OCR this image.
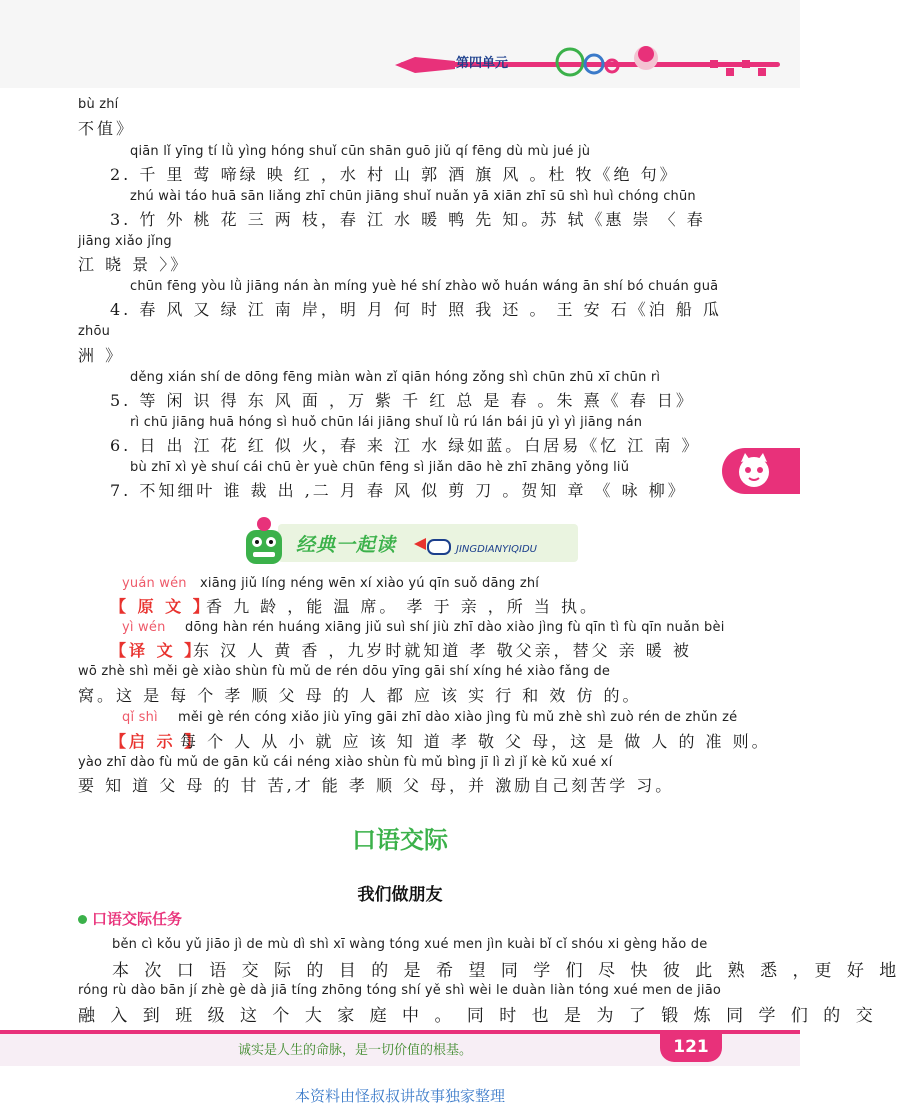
第四单元
bù zhí
不值》
qiān lǐ yīng tí lǜ yìng hóng shuǐ cūn shān guō jiǔ qí fēng dù mù jué jù
2. 千 里 莺 啼绿 映 红 ，水 村 山 郭 酒 旗 风 。杜 牧《绝 句》
zhú wài táo huā sān liǎng zhī chūn jiāng shuǐ nuǎn yā xiān zhī sū shì huì chóng chūn
3. 竹 外 桃 花 三 两 枝，春 江 水 暖 鸭 先 知。苏 轼《惠 崇 〈 春
jiāng xiǎo jǐng
江 晓 景 〉》
chūn fēng yòu lǜ jiāng nán àn míng yuè hé shí zhào wǒ huán wáng ān shí bó chuán guā
4. 春 风 又 绿 江 南 岸，明 月 何 时 照 我 还 。 王 安 石《泊 船 瓜
zhōu
洲 》
děng xián shí de dōng fēng miàn wàn zǐ qiān hóng zǒng shì chūn zhū xī chūn rì
5. 等 闲 识 得 东 风 面 ，万 紫 千 红 总 是 春 。朱 熹《 春 日》
rì chū jiāng huā hóng sì huǒ chūn lái jiāng shuǐ lǜ rú lán bái jū yì yì jiāng nán
6. 日 出 江 花 红 似 火，春 来 江 水 绿如蓝。白居易《忆 江 南 》
bù zhī xì yè shuí cái chū èr yuè chūn fēng sì jiǎn dāo hè zhī zhāng yǒng liǔ
7. 不知细叶 谁 裁 出 ,二 月 春 风 似 剪 刀 。贺知 章 《 咏 柳》
经典一起读	JINGDIANYIQIDU
yuán wén xiāng jiǔ líng néng wēn xí xiào yú qīn suǒ dāng zhí
【 原 文 】
香 九 龄 ，能 温 席。 孝 于 亲 ，所 当 执。
yì wén dōng hàn rén huáng xiāng jiǔ suì shí jiù zhī dào xiào jìng fù qīn tì fù qīn nuǎn bèi
【译 文 】
东 汉 人 黄 香 ，九岁时就知道 孝 敬父亲，替父 亲 暖 被
wō zhè shì měi gè xiào shùn fù mǔ de rén dōu yīng gāi shí xíng hé xiào fǎng de
窝。这 是 每 个 孝 顺 父 母 的 人 都 应 该 实 行 和 效 仿 的。
qǐ shì měi gè rén cóng xiǎo jiù yīng gāi zhī dào xiào jìng fù mǔ zhè shì zuò rén de zhǔn zé
【启 示 】
每 个 人 从 小 就 应 该 知 道 孝 敬 父 母，这 是 做 人 的 准 则。
yào zhī dào fù mǔ de gān kǔ cái néng xiào shùn fù mǔ bìng jī lì zì jǐ kè kǔ xué xí
要 知 道 父 母 的 甘 苦,才 能 孝 顺 父 母，并 激励自己刻苦学 习。
口语交际
我们做朋友
口语交际任务
běn cì kǒu yǔ jiāo jì de mù dì shì xī wàng tóng xué men jìn kuài bǐ cǐ shóu xi gèng hǎo de
本 次 口 语 交 际 的 目 的 是 希 望 同 学 们 尽 快 彼 此 熟 悉 ，更 好 地
róng rù dào bān jí zhè gè dà jiā tíng zhōng tóng shí yě shì wèi le duàn liàn tóng xué men de jiāo
融 入 到 班 级 这 个 大 家 庭 中 。 同 时 也 是 为 了 锻 炼 同 学 们 的 交
诚实是人生的命脉，是一切价值的根基。	121
本资料由怪叔叔讲故事独家整理
